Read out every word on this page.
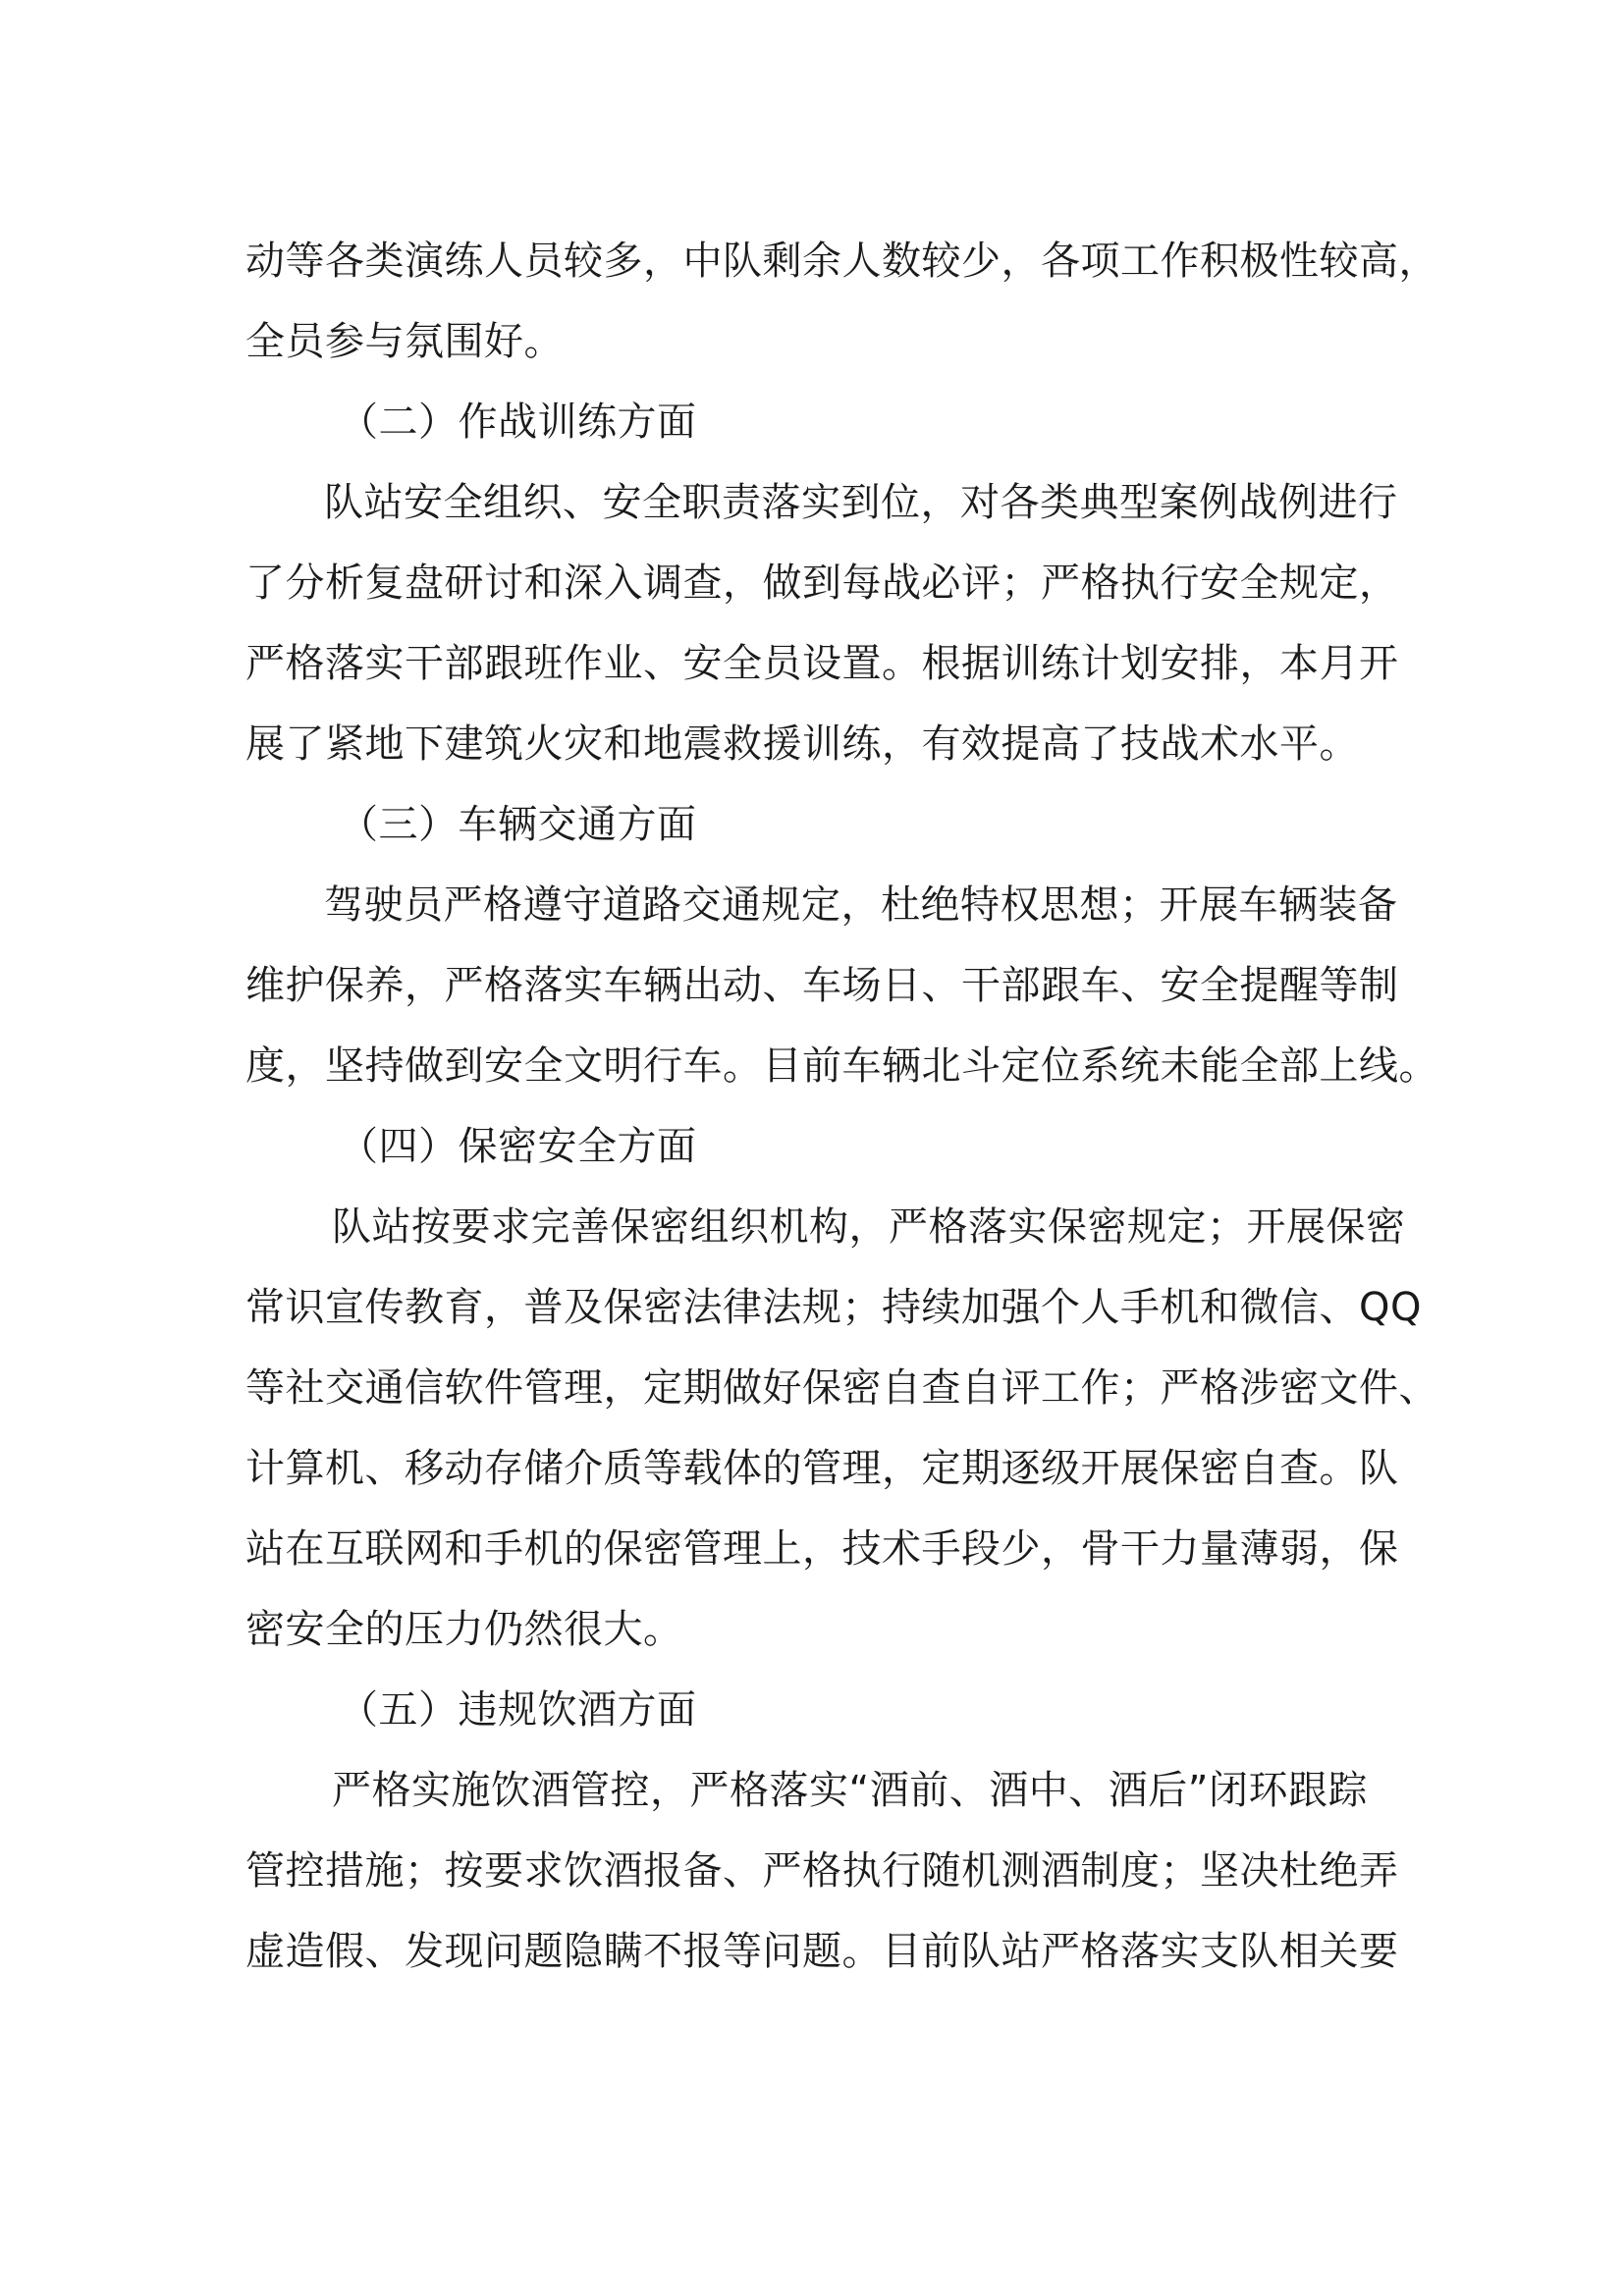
动等各类演练人员较多，中队剩余人数较少，各项工作积极性较高，
全员参与氛围好。
（二）作战训练方面
队站安全组织、安全职责落实到位，对各类典型案例战例进行
了分析复盘研讨和深入调查，做到每战必评；严格执行安全规定，
严格落实干部跟班作业、安全员设置。根据训练计划安排，本月开
展了紧地下建筑火灾和地震救援训练，有效提高了技战术水平。
（三）车辆交通方面
驾驶员严格遵守道路交通规定，杜绝特权思想；开展车辆装备
维护保养，严格落实车辆出动、车场日、干部跟车、安全提醒等制
度，坚持做到安全文明行车。目前车辆北斗定位系统未能全部上线。
（四）保密安全方面
队站按要求完善保密组织机构，严格落实保密规定；开展保密
常识宣传教育，普及保密法律法规；持续加强个人手机和微信、QQ
等社交通信软件管理，定期做好保密自查自评工作；严格涉密文件、
计算机、移动存储介质等载体的管理，定期逐级开展保密自查。队
站在互联网和手机的保密管理上，技术手段少，骨干力量薄弱，保
密安全的压力仍然很大。
（五）违规饮酒方面
严格实施饮酒管控，严格落实“酒前、酒中、酒后”闭环跟踪
管控措施；按要求饮酒报备、严格执行随机测酒制度；坚决杜绝弄
虚造假、发现问题隐瞒不报等问题。目前队站严格落实支队相关要
